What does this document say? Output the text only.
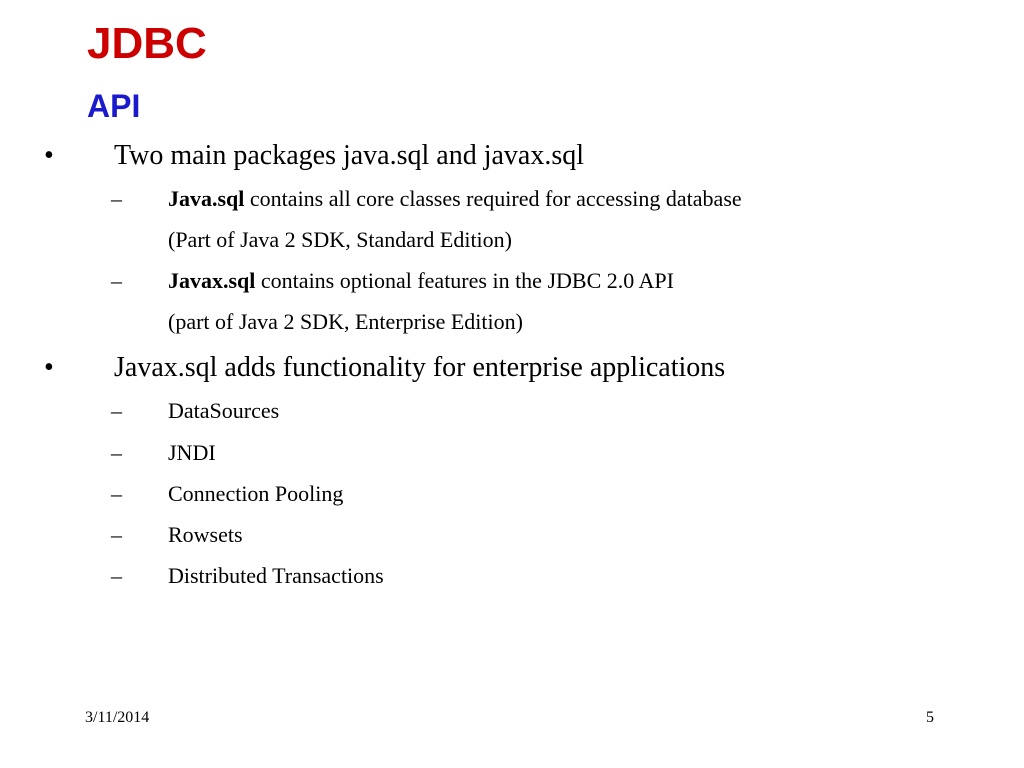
JDBC
API
• Two main packages java.sql and javax.sql
– Java.sql contains all core classes required for accessing database
(Part of Java 2 SDK, Standard Edition)
– Javax.sql contains optional features in the JDBC 2.0 API
(part of Java 2 SDK, Enterprise Edition)
• Javax.sql adds functionality for enterprise applications
– DataSources
– JNDI
– Connection Pooling
– Rowsets
– Distributed Transactions
3/11/2014	5
